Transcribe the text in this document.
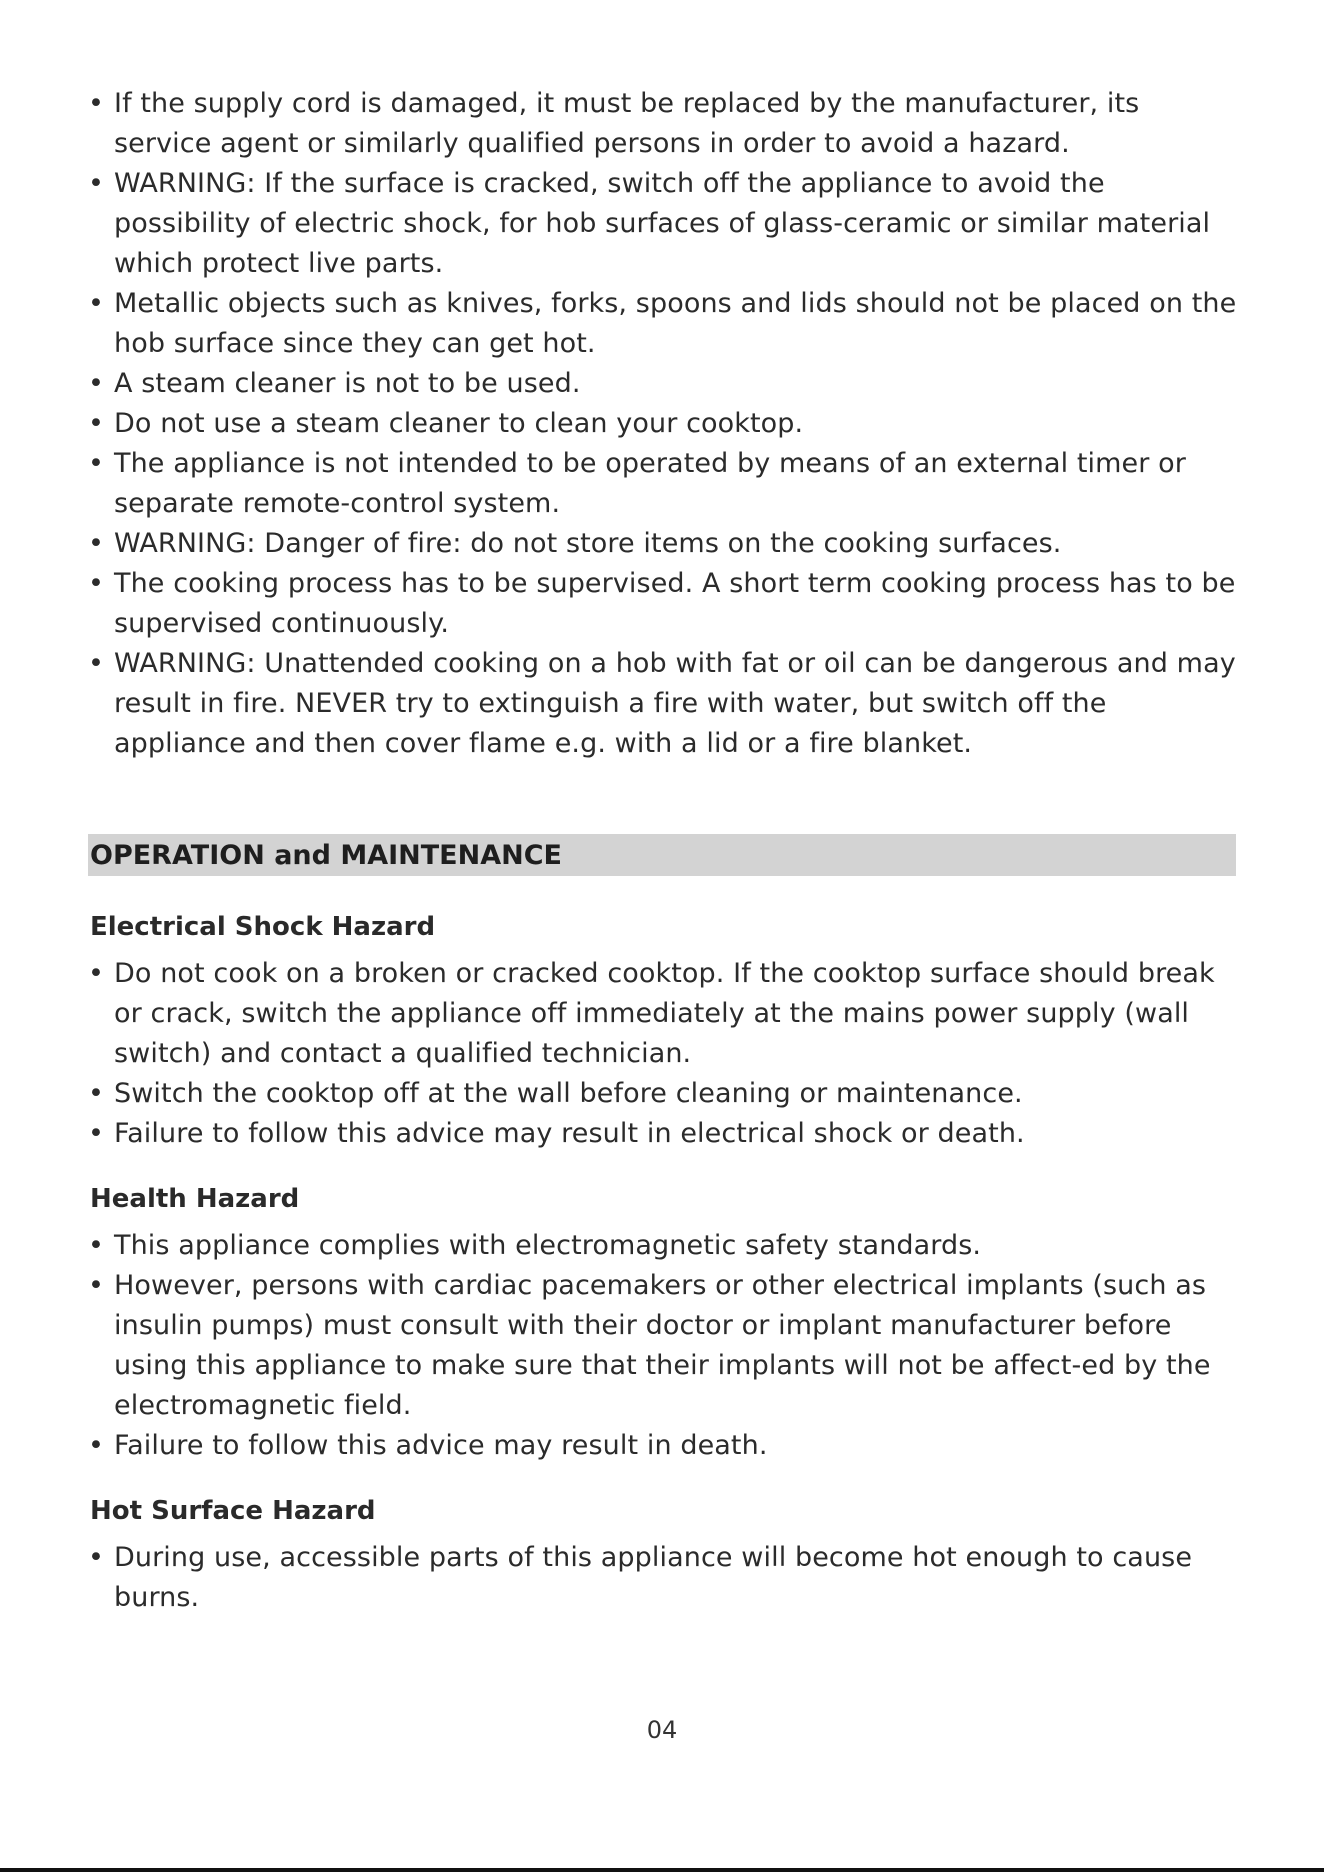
• If the supply cord is damaged, it must be replaced by the manufacturer, its service agent or similarly qualified persons in order to avoid a hazard.
• WARNING: If the surface is cracked, switch off the appliance to avoid the possibility of electric shock, for hob surfaces of glass-ceramic or similar material which protect live parts.
• Metallic objects such as knives, forks, spoons and lids should not be placed on the hob surface since they can get hot.
• A steam cleaner is not to be used.
• Do not use a steam cleaner to clean your cooktop.
• The appliance is not intended to be operated by means of an external timer or separate remote-control system.
• WARNING: Danger of fire: do not store items on the cooking surfaces.
• The cooking process has to be supervised. A short term cooking process has to be supervised continuously.
• WARNING: Unattended cooking on a hob with fat or oil can be dangerous and may result in fire. NEVER try to extinguish a fire with water, but switch off the appliance and then cover flame e.g. with a lid or a fire blanket.
OPERATION and MAINTENANCE
Electrical Shock Hazard
• Do not cook on a broken or cracked cooktop. If the cooktop surface should break or crack, switch the appliance off immediately at the mains power supply (wall switch) and contact a qualified technician.
• Switch the cooktop off at the wall before cleaning or maintenance.
• Failure to follow this advice may result in electrical shock or death.
Health Hazard
• This appliance complies with electromagnetic safety standards.
• However, persons with cardiac pacemakers or other electrical implants (such as insulin pumps) must consult with their doctor or implant manufacturer before using this appliance to make sure that their implants will not be affect-ed by the electromagnetic field.
• Failure to follow this advice may result in death.
Hot Surface Hazard
• During use, accessible parts of this appliance will become hot enough to cause burns.
04
